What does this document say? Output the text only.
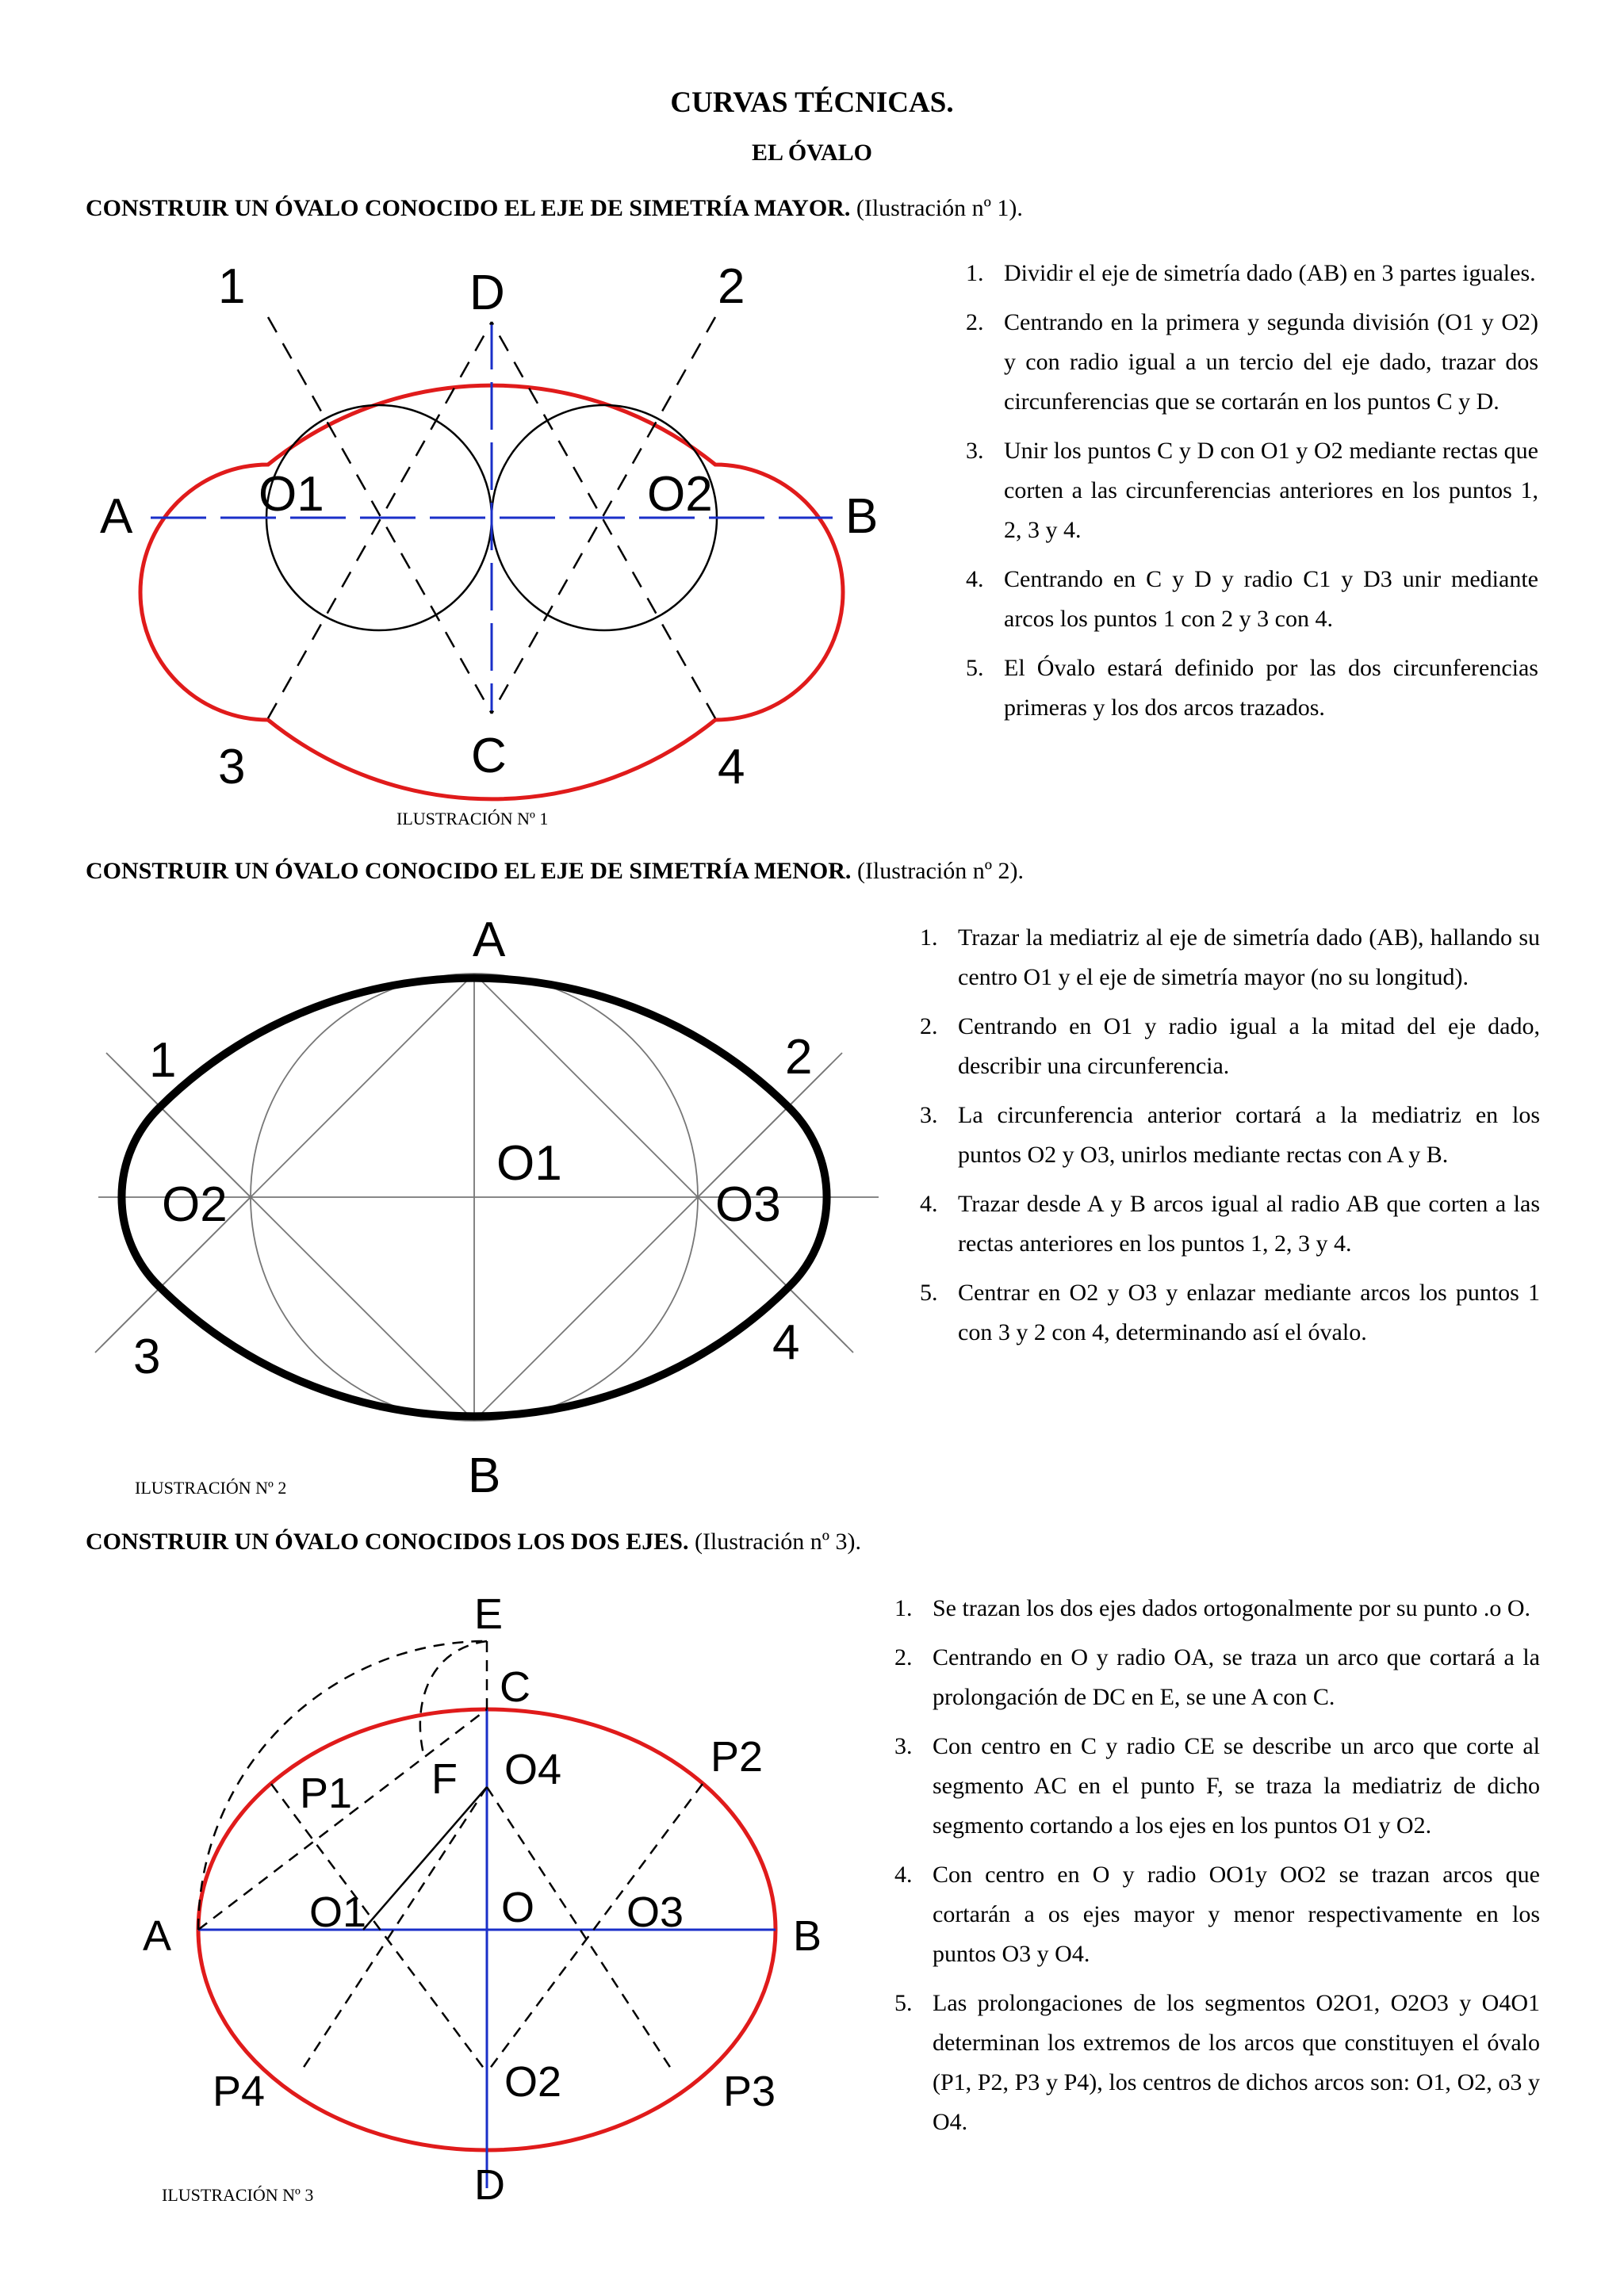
CURVAS TÉCNICAS.
EL ÓVALO
CONSTRUIR UN ÓVALO CONOCIDO EL EJE DE SIMETRÍA MAYOR. (Ilustración nº 1).
1	2
3	4
A	B
D
C
O1	O2
ILUSTRACIÓN Nº 1
1. Dividir el eje de simetría dado (AB) en 3 partes iguales.
2. Centrando en la primera y segunda división (O1 y O2) y con radio igual a un tercio del eje dado, trazar dos circunferencias que se cortarán en los puntos C y D.
3. Unir los puntos C y D con O1 y O2 mediante rectas que corten a las circunferencias anteriores en los puntos 1, 2, 3 y 4.
4. Centrando en C y D y radio C1 y D3 unir mediante arcos los puntos 1 con 2 y 3 con 4.
5. El Óvalo estará definido por las dos circunferencias primeras y los dos arcos trazados.
CONSTRUIR UN ÓVALO CONOCIDO EL EJE DE SIMETRÍA MENOR. (Ilustración nº 2).
A
B
1	2
3	4
O1
O2	O3
ILUSTRACIÓN Nº 2
1. Trazar la mediatriz al eje de simetría dado (AB), hallando su centro O1 y el eje de simetría mayor (no su longitud).
2. Centrando en O1 y radio igual a la mitad del eje dado, describir una circunferencia.
3. La circunferencia anterior cortará a la mediatriz en los puntos O2 y O3, unirlos mediante rectas con A y B.
4. Trazar desde A y B arcos igual al radio AB que corten a las rectas anteriores en los puntos 1, 2, 3 y 4.
5. Centrar en O2 y O3 y enlazar mediante arcos los puntos 1 con 3 y 2 con 4, determinando así el óvalo.
CONSTRUIR UN ÓVALO CONOCIDOS LOS DOS EJES. (Ilustración nº 3).
E
C
F O4
P1
P2
A	B
O1	O O3
O2
P4	P3
D
ILUSTRACIÓN Nº 3
1. Se trazan los dos ejes dados ortogonalmente por su punto .o O.
2. Centrando en O y radio OA, se traza un arco que cortará a la prolongación de DC en E, se une A con C.
3. Con centro en C y radio CE se describe un arco que corte al segmento AC en el punto F, se traza la mediatriz de dicho segmento cortando a los ejes en los puntos O1 y O2.
4. Con centro en O y radio OO1y OO2 se trazan arcos que cortarán a os ejes mayor y menor respectivamente en los puntos O3 y O4.
5. Las prolongaciones de los segmentos O2O1, O2O3 y O4O1 determinan los extremos de los arcos que constituyen el óvalo (P1, P2, P3 y P4), los centros de dichos arcos son: O1, O2, o3 y O4.
